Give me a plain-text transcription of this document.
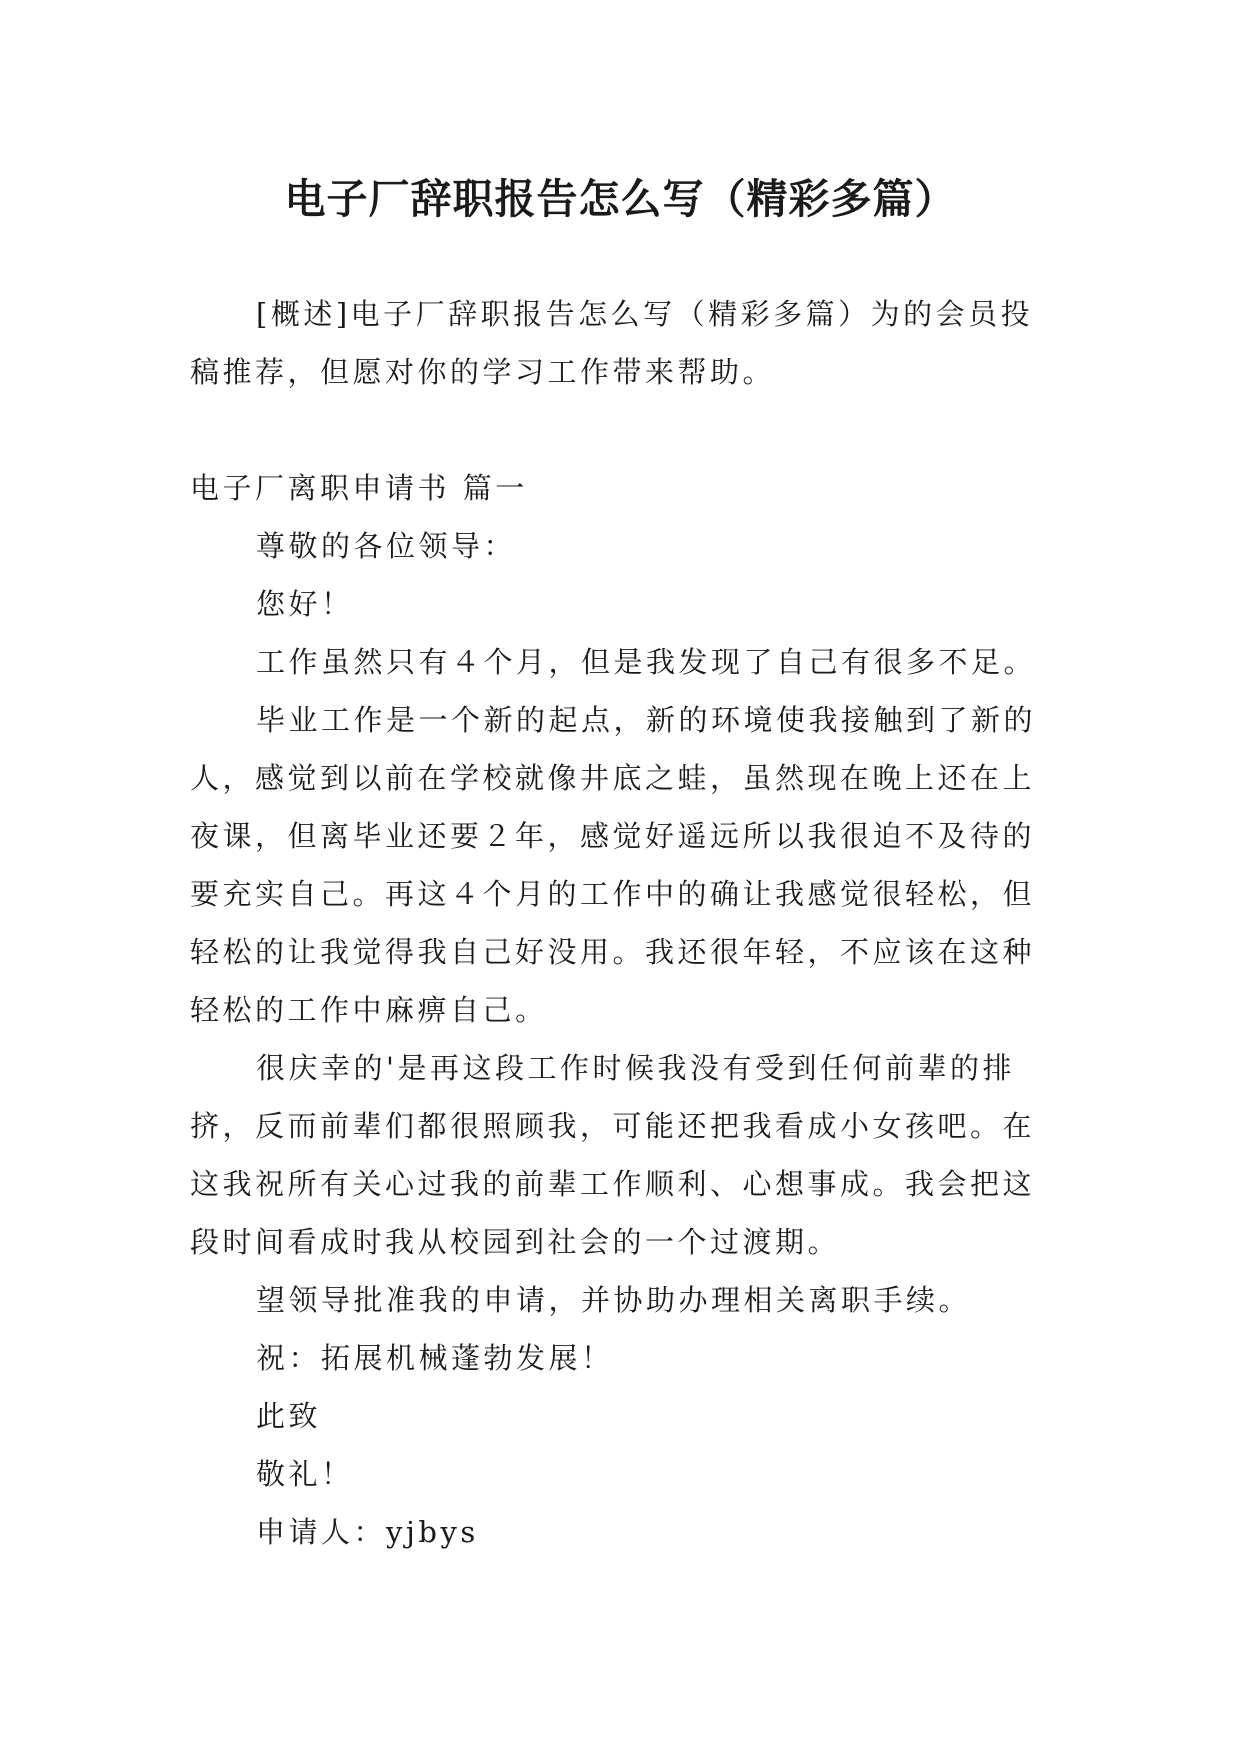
电子厂辞职报告怎么写（精彩多篇）

[概述]电子厂辞职报告怎么写（精彩多篇）为的会员投稿推荐，但愿对你的学习工作带来帮助。

电子厂离职申请书 篇一

尊敬的各位领导：

您好！

工作虽然只有４个月，但是我发现了自己有很多不足。

毕业工作是一个新的起点，新的环境使我接触到了新的人，感觉到以前在学校就像井底之蛙，虽然现在晚上还在上夜课，但离毕业还要２年，感觉好遥远所以我很迫不及待的要充实自己。再这４个月的工作中的确让我感觉很轻松，但轻松的让我觉得我自己好没用。我还很年轻，不应该在这种轻松的工作中麻痹自己。

很庆幸的'是再这段工作时候我没有受到任何前辈的排挤，反而前辈们都很照顾我，可能还把我看成小女孩吧。在这我祝所有关心过我的前辈工作顺利、心想事成。我会把这段时间看成时我从校园到社会的一个过渡期。

望领导批准我的申请，并协助办理相关离职手续。

祝：拓展机械蓬勃发展！

此致

敬礼！

申请人：yjbys
